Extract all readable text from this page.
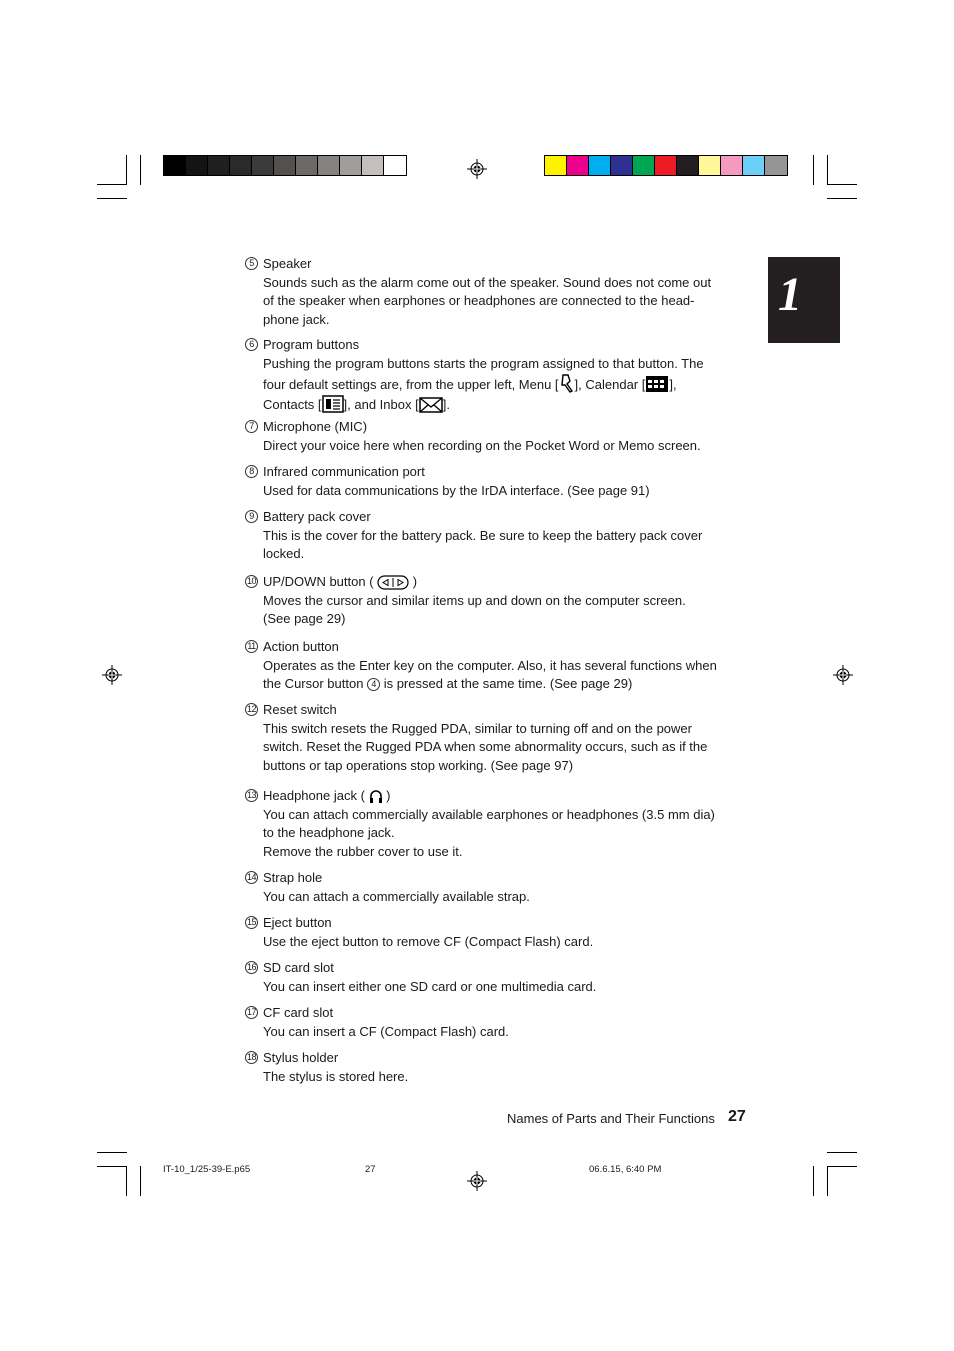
1
5 Speaker
Sounds such as the alarm come out of the speaker. Sound does not come out
of the speaker when earphones or headphones are connected to the head-
phone jack.
6 Program buttons
Pushing the program buttons starts the program assigned to that button. The
four default settings are, from the upper left, Menu [ ], Calendar [ ],
Contacts [ ], and Inbox [ ].
7 Microphone (MIC)
Direct your voice here when recording on the Pocket Word or Memo screen.
8 Infrared communication port
Used for data communications by the IrDA interface. (See page 91)
9 Battery pack cover
This is the cover for the battery pack. Be sure to keep the battery pack cover
locked.
10 UP/DOWN button (	)
Moves the cursor and similar items up and down on the computer screen.
(See page 29)
11 Action button
Operates as the Enter key on the computer. Also, it has several functions when
the Cursor button 4 is pressed at the same time. (See page 29)
12 Reset switch
This switch resets the Rugged PDA, similar to turning off and on the power
switch. Reset the Rugged PDA when some abnormality occurs, such as if the
buttons or tap operations stop working. (See page 97)
13 Headphone jack ( )
You can attach commercially available earphones or headphones (3.5 mm dia)
to the headphone jack.
Remove the rubber cover to use it.
14 Strap hole
You can attach a commercially available strap.
15 Eject button
Use the eject button to remove CF (Compact Flash) card.
16 SD card slot
You can insert either one SD card or one multimedia card.
17 CF card slot
You can insert a CF (Compact Flash) card.
18 Stylus holder
The stylus is stored here.
Names of Parts and Their Functions 27
IT-10_1/25-39-E.p65	27	06.6.15, 6:40 PM
